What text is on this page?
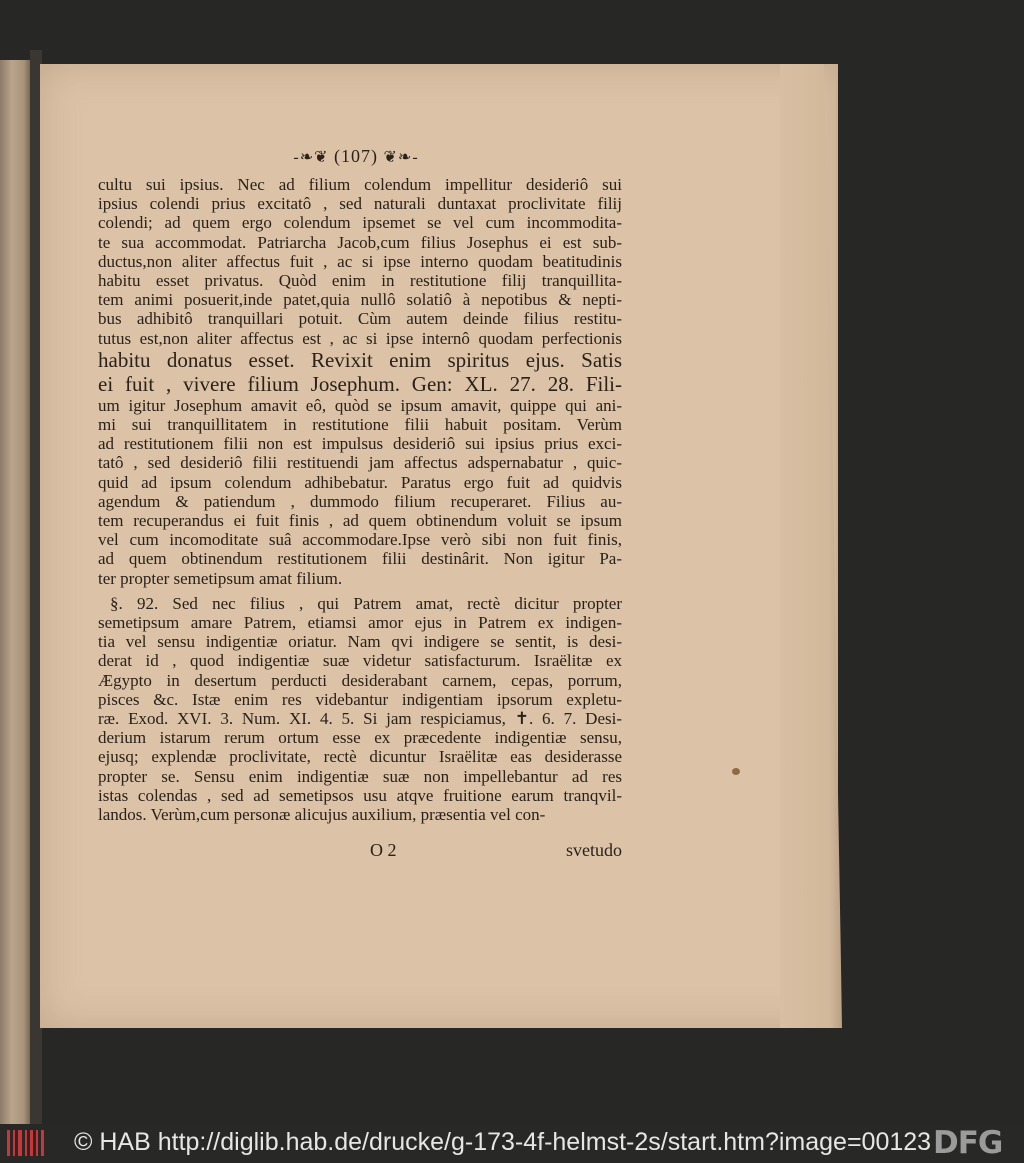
-❧❦ (107) ❦❧-
cultu sui ipsius. Nec ad filium colendum impellitur desideriô sui
ipsius colendi prius excitatô , sed naturali duntaxat proclivitate filij
colendi; ad quem ergo colendum ipsemet se vel cum incommodita-
te sua accommodat. Patriarcha Jacob,cum filius Josephus ei est sub-
ductus,non aliter affectus fuit , ac si ipse interno quodam beatitudinis
habitu esset privatus. Quòd enim in restitutione filij tranquillita-
tem animi posuerit,inde patet,quia nullô solatiô à nepotibus & nepti-
bus adhibitô tranquillari potuit. Cùm autem deinde filius restitu-
tutus est,non aliter affectus est , ac si ipse internô quodam perfectionis
habitu donatus esset. Revixit enim spiritus ejus. Satis
ei fuit , vivere filium Josephum. Gen: XL. 27. 28. Fili-
um igitur Josephum amavit eô, quòd se ipsum amavit, quippe qui ani-
mi sui tranquillitatem in restitutione filii habuit positam. Verùm
ad restitutionem filii non est impulsus desideriô sui ipsius prius exci-
tatô , sed desideriô filii restituendi jam affectus adspernabatur , quic-
quid ad ipsum colendum adhibebatur. Paratus ergo fuit ad quidvis
agendum & patiendum , dummodo filium recuperaret. Filius au-
tem recuperandus ei fuit finis , ad quem obtinendum voluit se ipsum
vel cum incomoditate suâ accommodare.Ipse verò sibi non fuit finis,
ad quem obtinendum restitutionem filii destinârit. Non igitur Pa-
ter propter semetipsum amat filium.
§. 92. Sed nec filius , qui Patrem amat, rectè dicitur propter
semetipsum amare Patrem, etiamsi amor ejus in Patrem ex indigen-
tia vel sensu indigentiæ oriatur. Nam qvi indigere se sentit, is desi-
derat id , quod indigentiæ suæ videtur satisfacturum. Israëlitæ ex
Ægypto in desertum perducti desiderabant carnem, cepas, porrum,
pisces &c. Istæ enim res videbantur indigentiam ipsorum expletu-
ræ. Exod. XVI. 3. Num. XI. 4. 5. Si jam respiciamus, ✝. 6. 7. Desi-
derium istarum rerum ortum esse ex præcedente indigentiæ sensu,
ejusq; explendæ proclivitate, rectè dicuntur Israëlitæ eas desiderasse
propter se. Sensu enim indigentiæ suæ non impellebantur ad res
istas colendas , sed ad semetipsos usu atqve fruitione earum tranqvil-
landos. Verùm,cum personæ alicujus auxilium, præsentia vel con-
O 2	svetudo
© HAB http://diglib.hab.de/drucke/g-173-4f-helmst-2s/start.htm?image=00123 DFG
